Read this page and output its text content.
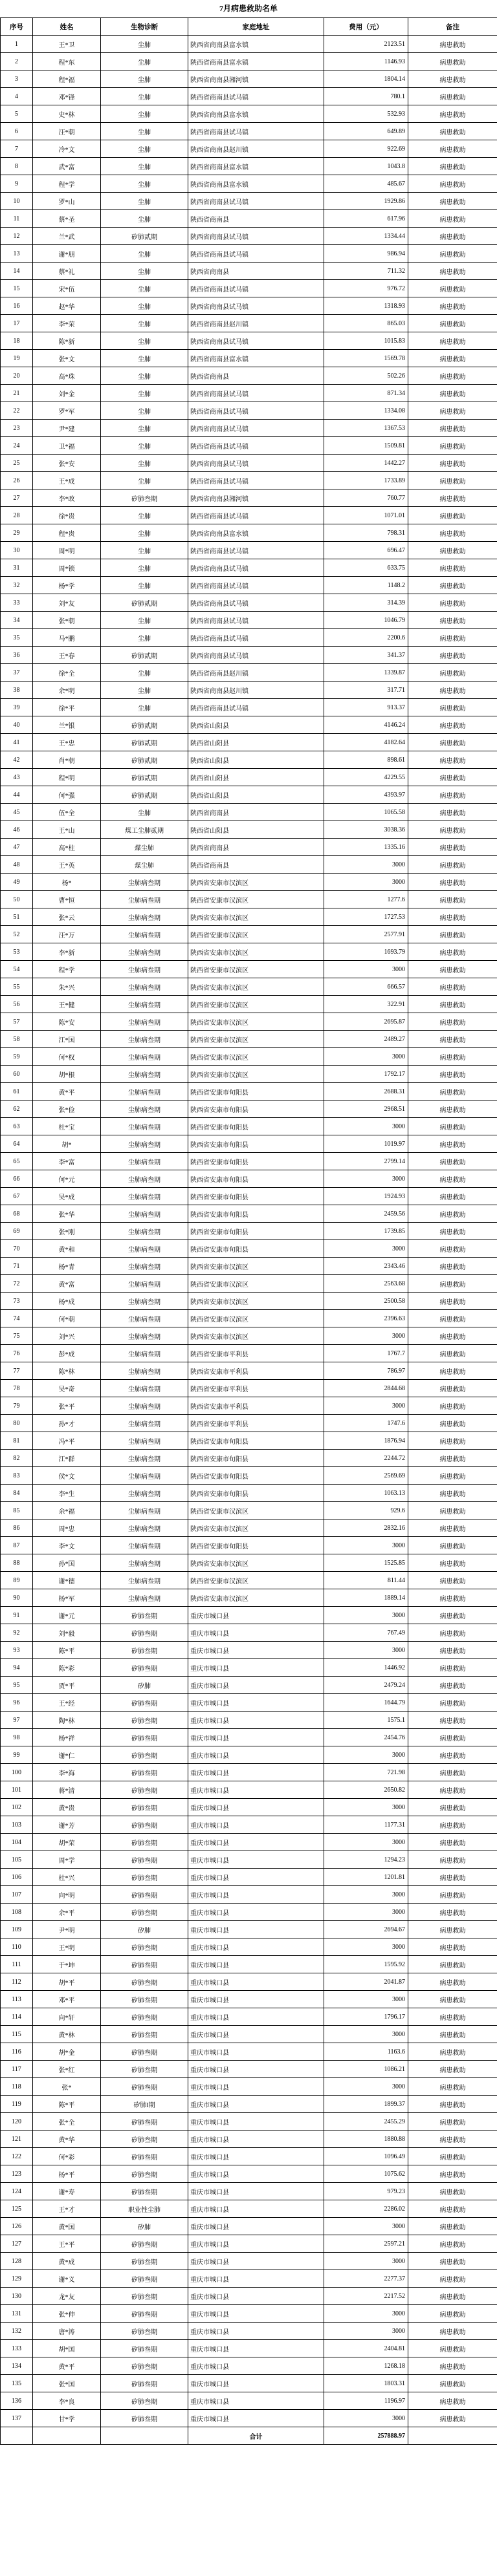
7月病患救助名单
序号	姓名	生物诊断	家庭地址	费用（元）	备注
1	王*卫	尘肺	陕西省商南县富水镇	2123.51	病患救助
2	程*东	尘肺	陕西省商南县富水镇	1146.93	病患救助
3	程*福	尘肺	陕西省商南县湘河镇	1804.14	病患救助
4	邓*锋	尘肺	陕西省商南县试马镇	780.1	病患救助
5	史*林	尘肺	陕西省商南县富水镇	532.93	病患救助
6	汪*朝	尘肺	陕西省商南县试马镇	649.89	病患救助
7	冷*文	尘肺	陕西省商南县赵川镇	922.69	病患救助
8	武*富	尘肺	陕西省商南县富水镇	1043.8	病患救助
9	程*学	尘肺	陕西省商南县富水镇	485.67	病患救助
10	罗*山	尘肺	陕西省商南县试马镇	1929.86	病患救助
11	蔡*圣	尘肺	陕西省商南县	617.96	病患救助
12	兰*武	矽肺贰期	陕西省商南县试马镇	1334.44	病患救助
13	谢*朋	尘肺	陕西省商南县试马镇	986.94	病患救助
14	蔡*礼	尘肺	陕西省商南县	711.32	病患救助
15	宋*伍	尘肺	陕西省商南县试马镇	976.72	病患救助
16	赵*华	尘肺	陕西省商南县试马镇	1318.93	病患救助
17	李*荣	尘肺	陕西省商南县赵川镇	865.03	病患救助
18	陈*新	尘肺	陕西省商南县试马镇	1015.83	病患救助
19	张*文	尘肺	陕西省商南县富水镇	1569.78	病患救助
20	高*珠	尘肺	陕西省商南县	502.26	病患救助
21	刘*金	尘肺	陕西省商南县试马镇	871.34	病患救助
22	罗*军	尘肺	陕西省商南县试马镇	1334.08	病患救助
23	尹*建	尘肺	陕西省商南县试马镇	1367.53	病患救助
24	卫*福	尘肺	陕西省商南县试马镇	1509.81	病患救助
25	张*安	尘肺	陕西省商南县试马镇	1442.27	病患救助
26	王*成	尘肺	陕西省商南县试马镇	1733.89	病患救助
27	李*政	矽肺叁期	陕西省商南县湘河镇	760.77	病患救助
28	徐*贵	尘肺	陕西省商南县试马镇	1071.01	病患救助
29	程*贵	尘肺	陕西省商南县富水镇	798.31	病患救助
30	周*明	尘肺	陕西省商南县试马镇	696.47	病患救助
31	周*锁	尘肺	陕西省商南县试马镇	633.75	病患救助
32	杨*学	尘肺	陕西省商南县试马镇	1148.2	病患救助
33	刘*友	矽肺贰期	陕西省商南县试马镇	314.39	病患救助
34	张*朝	尘肺	陕西省商南县试马镇	1046.79	病患救助
35	马*鹏	尘肺	陕西省商南县试马镇	2200.6	病患救助
36	王*春	矽肺贰期	陕西省商南县试马镇	341.37	病患救助
37	徐*全	尘肺	陕西省商南县赵川镇	1339.87	病患救助
38	余*明	尘肺	陕西省商南县赵川镇	317.71	病患救助
39	徐*平	尘肺	陕西省商南县试马镇	913.37	病患救助
40	兰*银	矽肺贰期	陕西省山阳县	4146.24	病患救助
41	王*忠	矽肺贰期	陕西省山阳县	4182.64	病患救助
42	肖*朝	矽肺贰期	陕西省山阳县	898.61	病患救助
43	程*明	矽肺贰期	陕西省山阳县	4229.55	病患救助
44	何*强	矽肺贰期	陕西省山阳县	4393.97	病患救助
45	伍*全	尘肺	陕西省商南县	1065.58	病患救助
46	王*山	煤工尘肺贰期	陕西省山阳县	3038.36	病患救助
47	高*柱	煤尘肺	陕西省商南县	1335.16	病患救助
48	王*英	煤尘肺	陕西省商南县	3000	病患救助
49	杨*	尘肺病叁期	陕西省安康市汉滨区	3000	病患救助
50	曹*恒	尘肺病叁期	陕西省安康市汉滨区	1277.6	病患救助
51	张*云	尘肺病叁期	陕西省安康市汉滨区	1727.53	病患救助
52	汪*万	尘肺病叁期	陕西省安康市汉滨区	2577.91	病患救助
53	李*新	尘肺病叁期	陕西省安康市汉滨区	1693.79	病患救助
54	程*学	尘肺病叁期	陕西省安康市汉滨区	3000	病患救助
55	朱*兴	尘肺病叁期	陕西省安康市汉滨区	666.57	病患救助
56	王*健	尘肺病叁期	陕西省安康市汉滨区	322.91	病患救助
57	陈*安	尘肺病叁期	陕西省安康市汉滨区	2695.87	病患救助
58	江*国	尘肺病叁期	陕西省安康市汉滨区	2489.27	病患救助
59	何*权	尘肺病叁期	陕西省安康市汉滨区	3000	病患救助
60	胡*根	尘肺病叁期	陕西省安康市汉滨区	1792.17	病患救助
61	黄*平	尘肺病叁期	陕西省安康市旬阳县	2688.31	病患救助
62	张*俭	尘肺病叁期	陕西省安康市旬阳县	2968.51	病患救助
63	杜*宝	尘肺病叁期	陕西省安康市旬阳县	3000	病患救助
64	胡*	尘肺病叁期	陕西省安康市旬阳县	1019.97	病患救助
65	李*富	尘肺病叁期	陕西省安康市旬阳县	2799.14	病患救助
66	何*元	尘肺病叁期	陕西省安康市旬阳县	3000	病患救助
67	吴*成	尘肺病叁期	陕西省安康市旬阳县	1924.93	病患救助
68	张*华	尘肺病叁期	陕西省安康市旬阳县	2459.56	病患救助
69	张*刚	尘肺病叁期	陕西省安康市旬阳县	1739.85	病患救助
70	黄*和	尘肺病叁期	陕西省安康市旬阳县	3000	病患救助
71	杨*青	尘肺病叁期	陕西省安康市汉滨区	2343.46	病患救助
72	黄*富	尘肺病叁期	陕西省安康市汉滨区	2563.68	病患救助
73	杨*成	尘肺病叁期	陕西省安康市汉滨区	2500.58	病患救助
74	何*朝	尘肺病叁期	陕西省安康市汉滨区	2396.63	病患救助
75	刘*兴	尘肺病叁期	陕西省安康市汉滨区	3000	病患救助
76	彭*成	尘肺病叁期	陕西省安康市平利县	1767.7	病患救助
77	陈*林	尘肺病叁期	陕西省安康市平利县	786.97	病患救助
78	吴*奇	尘肺病叁期	陕西省安康市平利县	2844.68	病患救助
79	张*平	尘肺病叁期	陕西省安康市平利县	3000	病患救助
80	孙*才	尘肺病叁期	陕西省安康市平利县	1747.6	病患救助
81	冯*平	尘肺病叁期	陕西省安康市旬阳县	1876.94	病患救助
82	江*群	尘肺病叁期	陕西省安康市旬阳县	2244.72	病患救助
83	侯*文	尘肺病叁期	陕西省安康市旬阳县	2569.69	病患救助
84	李*生	尘肺病叁期	陕西省安康市旬阳县	1063.13	病患救助
85	余*福	尘肺病叁期	陕西省安康市汉滨区	929.6	病患救助
86	周*忠	尘肺病叁期	陕西省安康市汉滨区	2832.16	病患救助
87	李*文	尘肺病叁期	陕西省安康市旬阳县	3000	病患救助
88	孙*国	尘肺病叁期	陕西省安康市汉滨区	1525.85	病患救助
89	谢*德	尘肺病叁期	陕西省安康市汉滨区	811.44	病患救助
90	杨*军	尘肺病叁期	陕西省安康市汉滨区	1889.14	病患救助
91	谢*元	矽肺叁期	重庆市城口县	3000	病患救助
92	刘*毅	矽肺叁期	重庆市城口县	767.49	病患救助
93	陈*平	矽肺叁期	重庆市城口县	3000	病患救助
94	陈*彩	矽肺叁期	重庆市城口县	1446.92	病患救助
95	贾*平	矽肺	重庆市城口县	2479.24	病患救助
96	王*经	矽肺叁期	重庆市城口县	1644.79	病患救助
97	陶*林	矽肺叁期	重庆市城口县	1575.1	病患救助
98	杨*祥	矽肺叁期	重庆市城口县	2454.76	病患救助
99	谢*仁	矽肺叁期	重庆市城口县	3000	病患救助
100	李*海	矽肺叁期	重庆市城口县	721.98	病患救助
101	蒋*清	矽肺叁期	重庆市城口县	2650.82	病患救助
102	黄*贵	矽肺叁期	重庆市城口县	3000	病患救助
103	谢*芳	矽肺叁期	重庆市城口县	1177.31	病患救助
104	胡*荣	矽肺叁期	重庆市城口县	3000	病患救助
105	周*学	矽肺叁期	重庆市城口县	1294.23	病患救助
106	杜*兴	矽肺叁期	重庆市城口县	1201.81	病患救助
107	向*明	矽肺叁期	重庆市城口县	3000	病患救助
108	余*平	矽肺叁期	重庆市城口县	3000	病患救助
109	尹*明	矽肺	重庆市城口县	2694.67	病患救助
110	王*明	矽肺叁期	重庆市城口县	3000	病患救助
111	于*坤	矽肺叁期	重庆市城口县	1595.92	病患救助
112	胡*平	矽肺叁期	重庆市城口县	2041.87	病患救助
113	邓*平	矽肺叁期	重庆市城口县	3000	病患救助
114	向*轩	矽肺叁期	重庆市城口县	1796.17	病患救助
115	黄*林	矽肺叁期	重庆市城口县	3000	病患救助
116	胡*金	矽肺叁期	重庆市城口县	1163.6	病患救助
117	张*红	矽肺叁期	重庆市城口县	1086.21	病患救助
118	张*	矽肺叁期	重庆市城口县	3000	病患救助
119	陈*平	矽肺I期	重庆市城口县	1899.37	病患救助
120	张*全	矽肺叁期	重庆市城口县	2455.29	病患救助
121	黄*华	矽肺叁期	重庆市城口县	1880.88	病患救助
122	何*彩	矽肺叁期	重庆市城口县	1096.49	病患救助
123	杨*平	矽肺叁期	重庆市城口县	1075.62	病患救助
124	谢*寿	矽肺叁期	重庆市城口县	979.23	病患救助
125	王*才	职业性尘肺	重庆市城口县	2286.02	病患救助
126	黄*国	矽肺	重庆市城口县	3000	病患救助
127	王*平	矽肺叁期	重庆市城口县	2597.21	病患救助
128	黄*成	矽肺叁期	重庆市城口县	3000	病患救助
129	谢*义	矽肺叁期	重庆市城口县	2277.37	病患救助
130	龙*友	矽肺叁期	重庆市城口县	2217.52	病患救助
131	张*伸	矽肺叁期	重庆市城口县	3000	病患救助
132	唐*涛	矽肺叁期	重庆市城口县	3000	病患救助
133	胡*国	矽肺叁期	重庆市城口县	2404.81	病患救助
134	黄*平	矽肺叁期	重庆市城口县	1268.18	病患救助
135	张*国	矽肺叁期	重庆市城口县	1803.31	病患救助
136	李*良	矽肺叁期	重庆市城口县	1196.97	病患救助
137	甘*学	矽肺叁期	重庆市城口县	3000	病患救助
			合计	257888.97	
